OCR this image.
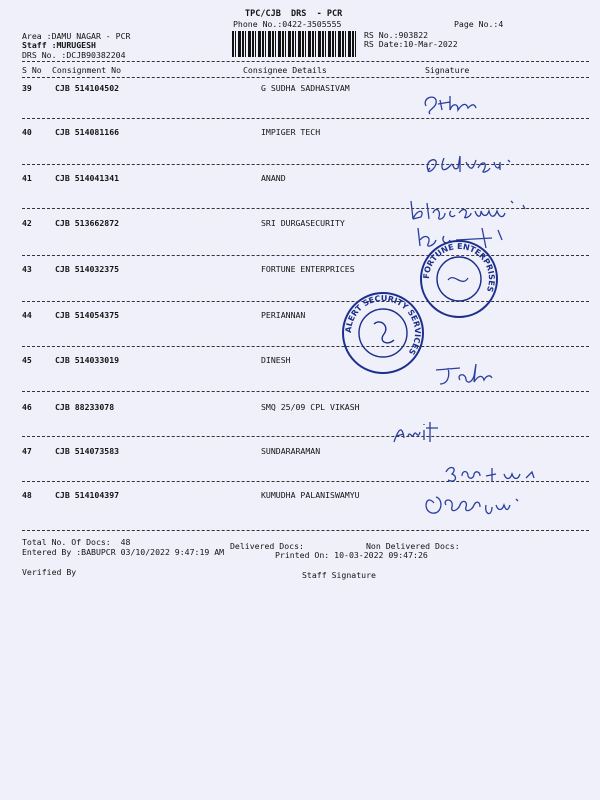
TPC/CJB  DRS  - PCR
Phone No.:0422-3505555	Page No.:4
Area :DAMU NAGAR - PCR
Staff :MURUGESH
DRS No. :DCJB90382204
RS No.:903822
RS Date:10-Mar-2022
S No Consignment No	Consignee Details	Signature
39	CJB 514104502	G SUDHA SADHASIVAM
40	CJB 514081166	IMPIGER TECH
41	CJB 514041341	ANAND
42	CJB 513662872	SRI DURGASECURITY
43	CJB 514032375	FORTUNE ENTERPRICES
44	CJB 514054375	PERIANNAN
45	CJB 514033019	DINESH
46	CJB 88233078	SMQ 25/09 CPL VIKASH
47	CJB 514073583	SUNDARARAMAN
48	CJB 514104397	KUMUDHA PALANISWAMYU
Total No. Of Docs:  48	Delivered Docs:	Non Delivered Docs:
Entered By :BABUPCR 03/10/2022 9:47:19 AM	Printed On: 10-03-2022 09:47:26
Verified By	Staff Signature
FORTUNE ENTERPRISES
ALERT SECURITY SERVICES
